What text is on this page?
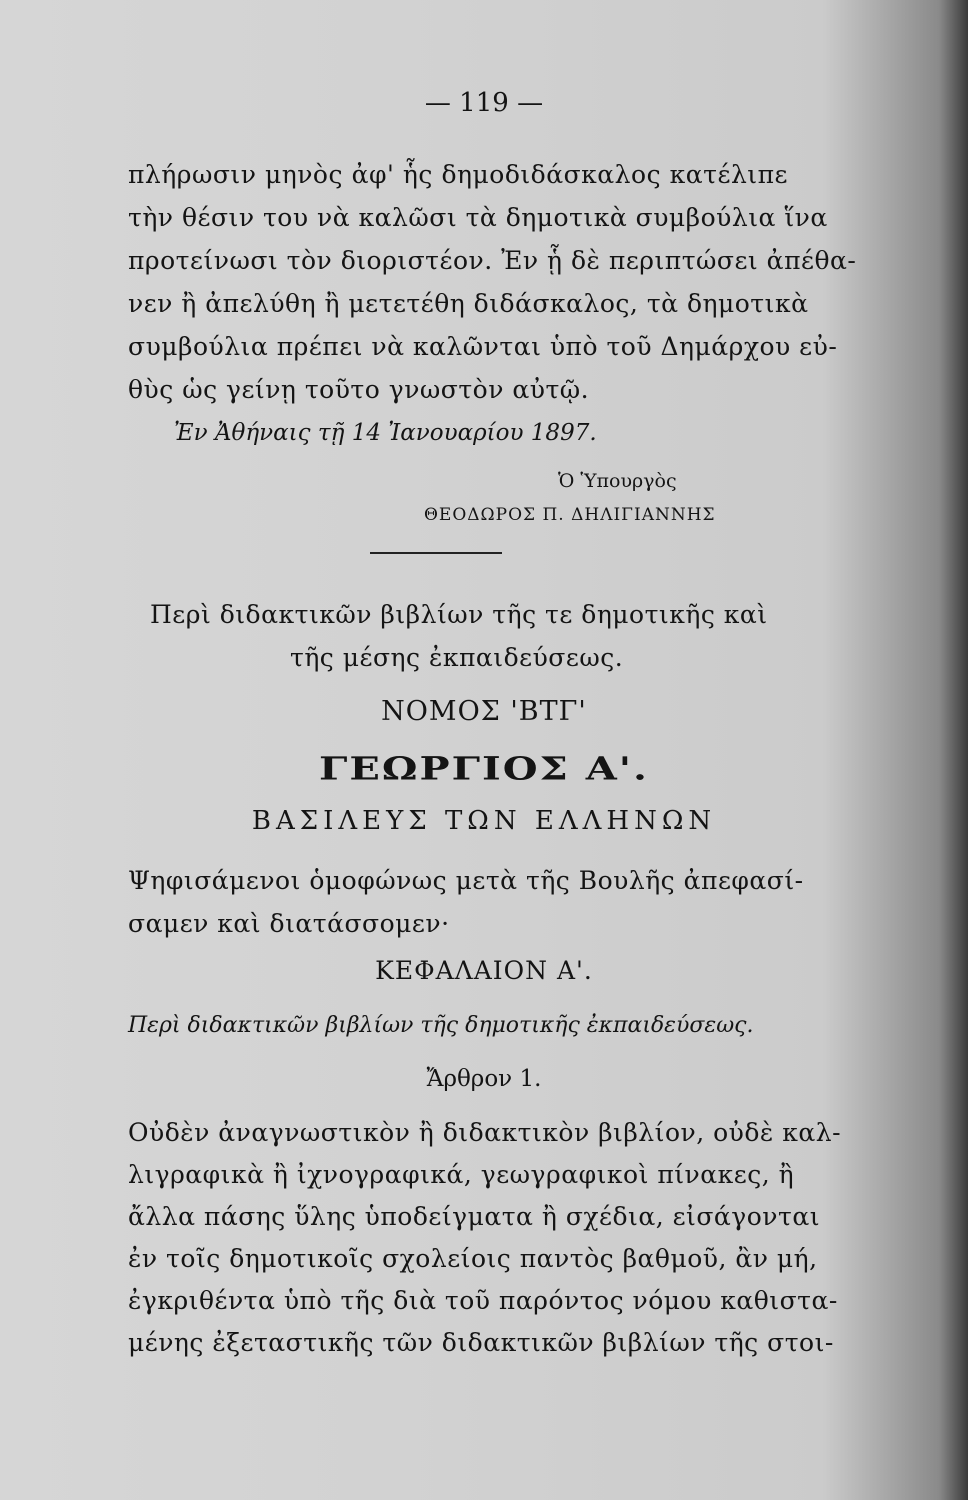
— 119 —
πλήρωσιν μηνὸς ἀφ' ἧς δημοδιδάσκαλος κατέλιπε
τὴν θέσιν του νὰ καλῶσι τὰ δημοτικὰ συμβούλια ἵνα
προτείνωσι τὸν διοριστέον. Ἐν ᾗ δὲ περιπτώσει ἀπέθα-
νεν ἢ ἀπελύθη ἢ μετετέθη διδάσκαλος, τὰ δημοτικὰ
συμβούλια πρέπει νὰ καλῶνται ὑπὸ τοῦ Δημάρχου εὐ-
θὺς ὡς γείνῃ τοῦτο γνωστὸν αὐτῷ.
Ἐν Ἀθήναις τῇ 14 Ἰανουαρίου 1897.
Ὁ Ὑπουργὸς
ΘΕΟΔΩΡΟΣ Π. ΔΗΛΙΓΙΑΝΝΗΣ
Περὶ διδακτικῶν βιβλίων τῆς τε δημοτικῆς καὶ
τῆς μέσης ἐκπαιδεύσεως.
ΝΟΜΟΣ 'ΒΤΓ'
ΓΕΩΡΓΙΟΣ Α'.
ΒΑΣΙΛΕΥΣ ΤΩΝ ΕΛΛΗΝΩΝ
Ψηφισάμενοι ὁμοφώνως μετὰ τῆς Βουλῆς ἀπεφασί-
σαμεν καὶ διατάσσομεν·
ΚΕΦΑΛΑΙΟΝ Α'.
Περὶ διδακτικῶν βιβλίων τῆς δημοτικῆς ἐκπαιδεύσεως.
Ἄρθρον 1.
Οὐδὲν ἀναγνωστικὸν ἢ διδακτικὸν βιβλίον, οὐδὲ καλ-
λιγραφικὰ ἢ ἰχνογραφικά, γεωγραφικοὶ πίνακες, ἢ
ἄλλα πάσης ὕλης ὑποδείγματα ἢ σχέδια, εἰσάγονται
ἐν τοῖς δημοτικοῖς σχολείοις παντὸς βαθμοῦ, ἂν μή,
ἐγκριθέντα ὑπὸ τῆς διὰ τοῦ παρόντος νόμου καθιστα-
μένης ἐξεταστικῆς τῶν διδακτικῶν βιβλίων τῆς στοι-
